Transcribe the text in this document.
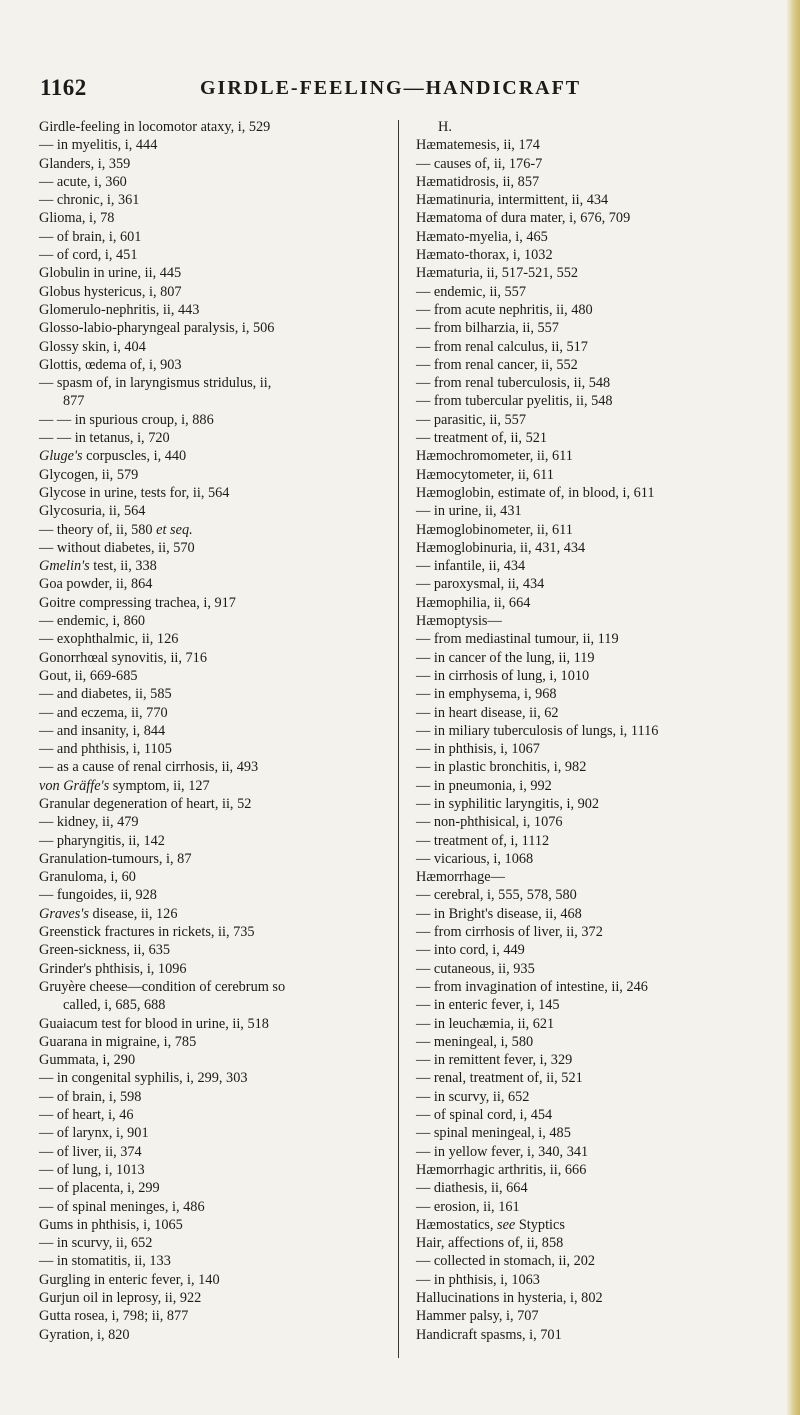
1162	GIRDLE-FEELING—HANDICRAFT
Girdle-feeling in locomotor ataxy, i, 529
— in myelitis, i, 444
Glanders, i, 359
— acute, i, 360
— chronic, i, 361
Glioma, i, 78
— of brain, i, 601
— of cord, i, 451
Globulin in urine, ii, 445
Globus hystericus, i, 807
Glomerulo-nephritis, ii, 443
Glosso-labio-pharyngeal paralysis, i, 506
Glossy skin, i, 404
Glottis, œdema of, i, 903
— spasm of, in laryngismus stridulus, ii,
877
— — in spurious croup, i, 886
— — in tetanus, i, 720
Gluge's corpuscles, i, 440
Glycogen, ii, 579
Glycose in urine, tests for, ii, 564
Glycosuria, ii, 564
— theory of, ii, 580 et seq.
— without diabetes, ii, 570
Gmelin's test, ii, 338
Goa powder, ii, 864
Goitre compressing trachea, i, 917
— endemic, i, 860
— exophthalmic, ii, 126
Gonorrhœal synovitis, ii, 716
Gout, ii, 669-685
— and diabetes, ii, 585
— and eczema, ii, 770
— and insanity, i, 844
— and phthisis, i, 1105
— as a cause of renal cirrhosis, ii, 493
von Gräffe's symptom, ii, 127
Granular degeneration of heart, ii, 52
— kidney, ii, 479
— pharyngitis, ii, 142
Granulation-tumours, i, 87
Granuloma, i, 60
— fungoides, ii, 928
Graves's disease, ii, 126
Greenstick fractures in rickets, ii, 735
Green-sickness, ii, 635
Grinder's phthisis, i, 1096
Gruyère cheese—condition of cerebrum so
called, i, 685, 688
Guaiacum test for blood in urine, ii, 518
Guarana in migraine, i, 785
Gummata, i, 290
— in congenital syphilis, i, 299, 303
— of brain, i, 598
— of heart, i, 46
— of larynx, i, 901
— of liver, ii, 374
— of lung, i, 1013
— of placenta, i, 299
— of spinal meninges, i, 486
Gums in phthisis, i, 1065
— in scurvy, ii, 652
— in stomatitis, ii, 133
Gurgling in enteric fever, i, 140
Gurjun oil in leprosy, ii, 922
Gutta rosea, i, 798; ii, 877
Gyration, i, 820
H.
Hæmatemesis, ii, 174
— causes of, ii, 176-7
Hæmatidrosis, ii, 857
Hæmatinuria, intermittent, ii, 434
Hæmatoma of dura mater, i, 676, 709
Hæmato-myelia, i, 465
Hæmato-thorax, i, 1032
Hæmaturia, ii, 517-521, 552
— endemic, ii, 557
— from acute nephritis, ii, 480
— from bilharzia, ii, 557
— from renal calculus, ii, 517
— from renal cancer, ii, 552
— from renal tuberculosis, ii, 548
— from tubercular pyelitis, ii, 548
— parasitic, ii, 557
— treatment of, ii, 521
Hæmochromometer, ii, 611
Hæmocytometer, ii, 611
Hæmoglobin, estimate of, in blood, i, 611
— in urine, ii, 431
Hæmoglobinometer, ii, 611
Hæmoglobinuria, ii, 431, 434
— infantile, ii, 434
— paroxysmal, ii, 434
Hæmophilia, ii, 664
Hæmoptysis—
— from mediastinal tumour, ii, 119
— in cancer of the lung, ii, 119
— in cirrhosis of lung, i, 1010
— in emphysema, i, 968
— in heart disease, ii, 62
— in miliary tuberculosis of lungs, i, 1116
— in phthisis, i, 1067
— in plastic bronchitis, i, 982
— in pneumonia, i, 992
— in syphilitic laryngitis, i, 902
— non-phthisical, i, 1076
— treatment of, i, 1112
— vicarious, i, 1068
Hæmorrhage—
— cerebral, i, 555, 578, 580
— in Bright's disease, ii, 468
— from cirrhosis of liver, ii, 372
— into cord, i, 449
— cutaneous, ii, 935
— from invagination of intestine, ii, 246
— in enteric fever, i, 145
— in leuchæmia, ii, 621
— meningeal, i, 580
— in remittent fever, i, 329
— renal, treatment of, ii, 521
— in scurvy, ii, 652
— of spinal cord, i, 454
— spinal meningeal, i, 485
— in yellow fever, i, 340, 341
Hæmorrhagic arthritis, ii, 666
— diathesis, ii, 664
— erosion, ii, 161
Hæmostatics, see Styptics
Hair, affections of, ii, 858
— collected in stomach, ii, 202
— in phthisis, i, 1063
Hallucinations in hysteria, i, 802
Hammer palsy, i, 707
Handicraft spasms, i, 701
